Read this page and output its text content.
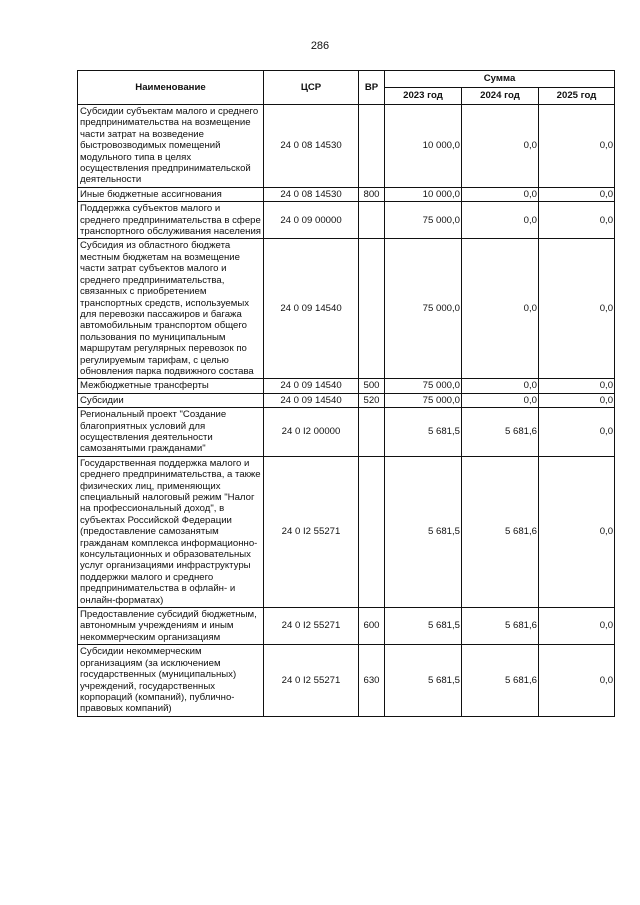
286
Наименование	ЦСР	ВР	Сумма		
			2023 год	2024 год	2025 год
Субсидии субъектам малого и среднего предпринимательства на возмещение части затрат на возведение быстровозводимых помещений модульного типа в целях осуществления предпринимательской деятельности	24 0 08 14530		10 000,0	0,0	0,0
Иные бюджетные ассигнования	24 0 08 14530	800	10 000,0	0,0	0,0
Поддержка субъектов малого и среднего предпринимательства в сфере транспортного обслуживания населения	24 0 09 00000		75 000,0	0,0	0,0
Субсидия из областного бюджета местным бюджетам на возмещение части затрат субъектов малого и среднего предпринимательства, связанных с приобретением транспортных средств, используемых для перевозки пассажиров и багажа автомобильным транспортом общего пользования по муниципальным маршрутам регулярных перевозок по регулируемым тарифам, с целью обновления парка подвижного состава	24 0 09 14540		75 000,0	0,0	0,0
Межбюджетные трансферты	24 0 09 14540	500	75 000,0	0,0	0,0
Субсидии	24 0 09 14540	520	75 000,0	0,0	0,0
Региональный проект "Создание благоприятных условий для осуществления деятельности самозанятыми гражданами"	24 0 I2 00000		5 681,5	5 681,6	0,0
Государственная поддержка малого и среднего предпринимательства, а также физических лиц, применяющих специальный налоговый режим "Налог на профессиональный доход", в субъектах Российской Федерации (предоставление самозанятым гражданам комплекса информационно-консультационных и образовательных услуг организациями инфраструктуры поддержки малого и среднего предпринимательства в офлайн- и онлайн-форматах)	24 0 I2 55271		5 681,5	5 681,6	0,0
Предоставление субсидий бюджетным, автономным учреждениям и иным некоммерческим организациям	24 0 I2 55271	600	5 681,5	5 681,6	0,0
Субсидии некоммерческим организациям (за исключением государственных (муниципальных) учреждений, государственных корпораций (компаний), публично-правовых компаний)	24 0 I2 55271	630	5 681,5	5 681,6	0,0
